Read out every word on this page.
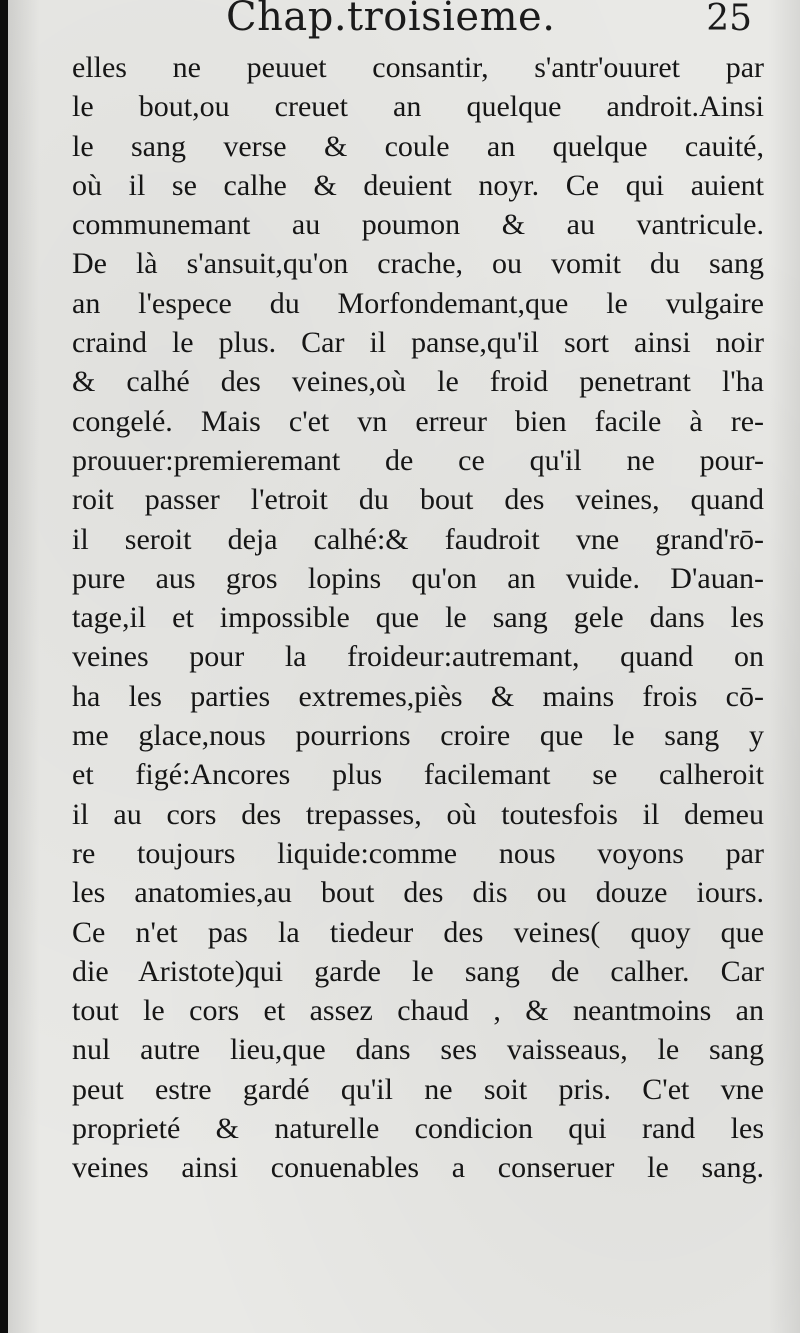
Chap.troisieme.	25
elles ne peuuet consantir, s'antr'ouuret par
le bout,ou creuet an quelque androit.Ainsi
le sang verse & coule an quelque cauité,
où il se calhe & deuient noyr. Ce qui auient
communemant au poumon & au vantricule.
De là s'ansuit,qu'on crache, ou vomit du sang
an l'espece du Morfondemant,que le vulgaire
craind le plus. Car il panse,qu'il sort ainsi noir
& calhé des veines,où le froid penetrant l'ha
congelé. Mais c'et vn erreur bien facile à re-
prouuer:premieremant de ce qu'il ne pour-
roit passer l'etroit du bout des veines, quand
il seroit deja calhé:& faudroit vne grand'rō-
pure aus gros lopins qu'on an vuide. D'auan-
tage,il et impossible que le sang gele dans les
veines pour la froideur:autremant, quand on
ha les parties extremes,piès & mains frois cō-
me glace,nous pourrions croire que le sang y
et figé:Ancores plus facilemant se calheroit
il au cors des trepasses, où toutesfois il demeu
re toujours liquide:comme nous voyons par
les anatomies,au bout des dis ou douze iours.
Ce n'et pas la tiedeur des veines( quoy que
die Aristote)qui garde le sang de calher. Car
tout le cors et assez chaud , & neantmoins an
nul autre lieu,que dans ses vaisseaus, le sang
peut estre gardé qu'il ne soit pris. C'et vne
proprieté & naturelle condicion qui rand les
veines ainsi conuenables a conseruer le sang.
